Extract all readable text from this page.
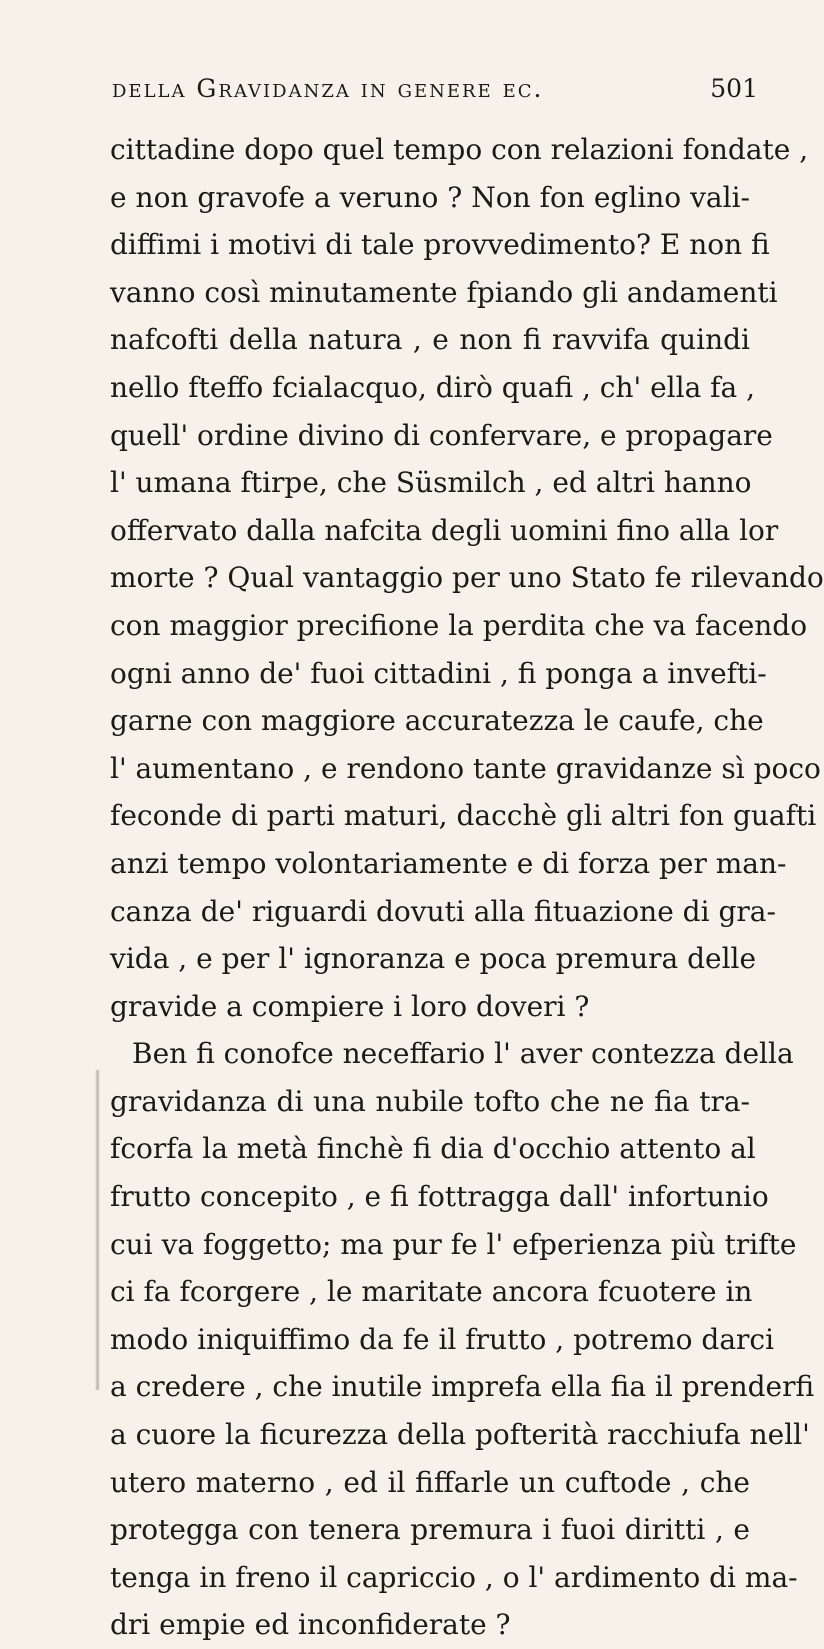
della Gravidanza in genere ec.	501
cittadine dopo quel tempo con relazioni fondate ,
e non gravofe a veruno ? Non fon eglino vali-
diffimi i motivi di tale provvedimento? E non fi
vanno così minutamente fpiando gli andamenti
nafcofti della natura , e non fi ravvifa quindi
nello fteffo fcialacquo, dirò quafi , ch' ella fa ,
quell' ordine divino di confervare, e propagare
l' umana ftirpe, che Süsmilch , ed altri hanno
offervato dalla nafcita degli uomini fino alla lor
morte ? Qual vantaggio per uno Stato fe rilevando
con maggior precifione la perdita che va facendo
ogni anno de' fuoi cittadini , fi ponga a invefti-
garne con maggiore accuratezza le caufe, che
l' aumentano , e rendono tante gravidanze sì poco
feconde di parti maturi, dacchè gli altri fon guafti
anzi tempo volontariamente e di forza per man-
canza de' riguardi dovuti alla fituazione di gra-
vida , e per l' ignoranza e poca premura delle
gravide a compiere i loro doveri ?
Ben fi conofce neceffario l' aver contezza della
gravidanza di una nubile tofto che ne fia tra-
fcorfa la metà finchè fi dia d'occhio attento al
frutto concepito , e fi fottragga dall' infortunio
cui va foggetto; ma pur fe l' efperienza più trifte
ci fa fcorgere , le maritate ancora fcuotere in
modo iniquiffimo da fe il frutto , potremo darci
a credere , che inutile imprefa ella fia il prenderfi
a cuore la ficurezza della pofterità racchiufa nell'
utero materno , ed il fiffarle un cuftode , che
protegga con tenera premura i fuoi diritti , e
tenga in freno il capriccio , o l' ardimento di ma-
dri empie ed inconfiderate ?
